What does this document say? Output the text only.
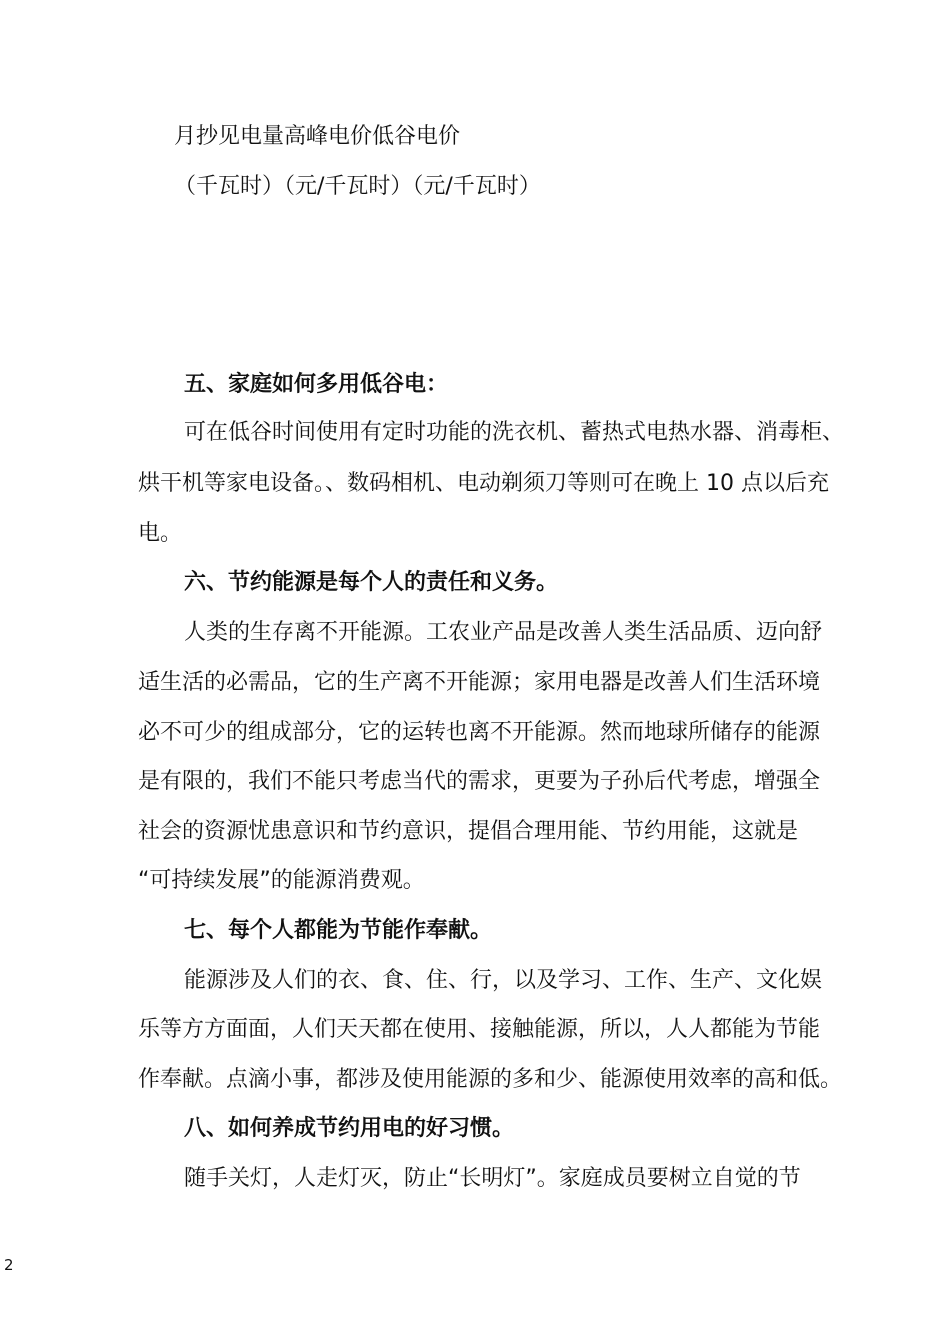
月抄见电量高峰电价低谷电价

（千瓦时）（元/千瓦时）（元/千瓦时）

五、家庭如何多用低谷电：

可在低谷时间使用有定时功能的洗衣机、蓄热式电热水器、消毒柜、

烘干机等家电设备。、数码相机、电动剃须刀等则可在晚上 10 点以后充

电。

六、节约能源是每个人的责任和义务。

人类的生存离不开能源。工农业产品是改善人类生活品质、迈向舒

适生活的必需品，它的生产离不开能源；家用电器是改善人们生活环境

必不可少的组成部分，它的运转也离不开能源。然而地球所储存的能源

是有限的，我们不能只考虑当代的需求，更要为子孙后代考虑，增强全

社会的资源忧患意识和节约意识，提倡合理用能、节约用能，这就是

“可持续发展”的能源消费观。

七、每个人都能为节能作奉献。

能源涉及人们的衣、食、住、行，以及学习、工作、生产、文化娱

乐等方方面面，人们天天都在使用、接触能源，所以，人人都能为节能

作奉献。点滴小事，都涉及使用能源的多和少、能源使用效率的高和低。

八、如何养成节约用电的好习惯。

随手关灯，人走灯灭，防止“长明灯”。家庭成员要树立自觉的节

2
